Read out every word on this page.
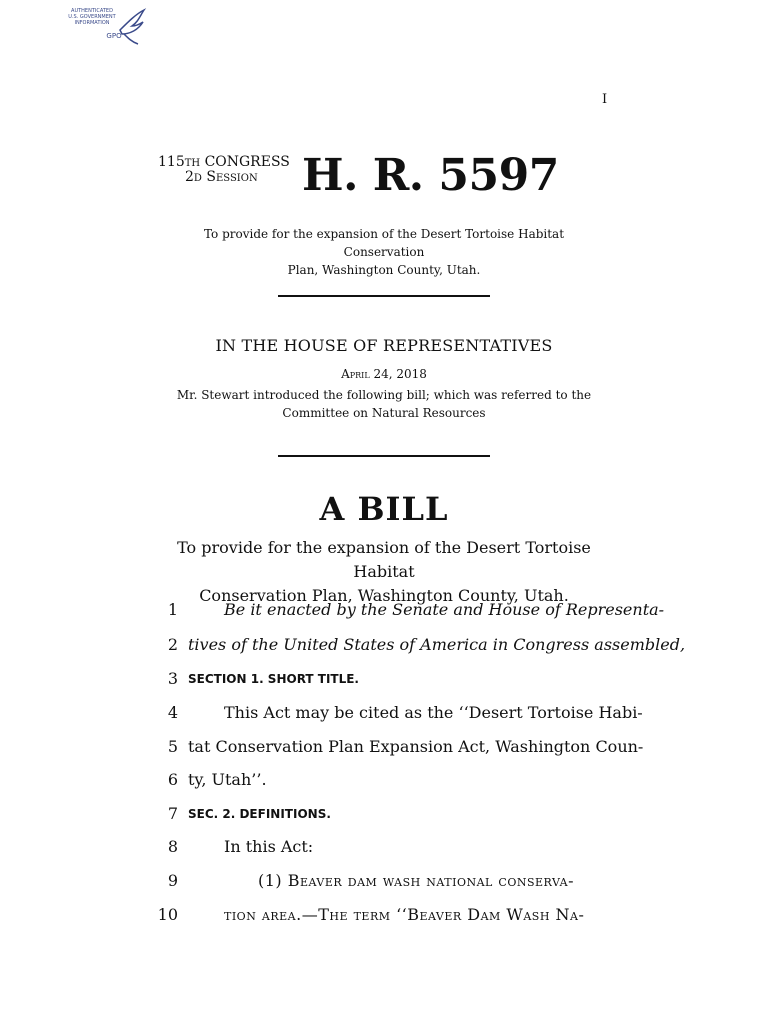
AUTHENTICATED
U.S. GOVERNMENT
INFORMATION
GPO
I
115th CONGRESS
2d Session	H. R. 5597
To provide for the expansion of the Desert Tortoise Habitat Conservation
Plan, Washington County, Utah.
IN THE HOUSE OF REPRESENTATIVES
April 24, 2018
Mr. Stewart introduced the following bill; which was referred to the
Committee on Natural Resources
A BILL
To provide for the expansion of the Desert Tortoise Habitat
Conservation Plan, Washington County, Utah.
1	Be it enacted by the Senate and House of Representa-
2 tives of the United States of America in Congress assembled,
3 SECTION 1. SHORT TITLE.
4	This Act may be cited as the ‘‘Desert Tortoise Habi-
5 tat Conservation Plan Expansion Act, Washington Coun-
6 ty, Utah’’.
7 SEC. 2. DEFINITIONS.
8	In this Act:
9	(1) Beaver dam wash national conserva-
10	tion area.—The term ‘‘Beaver Dam Wash Na-
